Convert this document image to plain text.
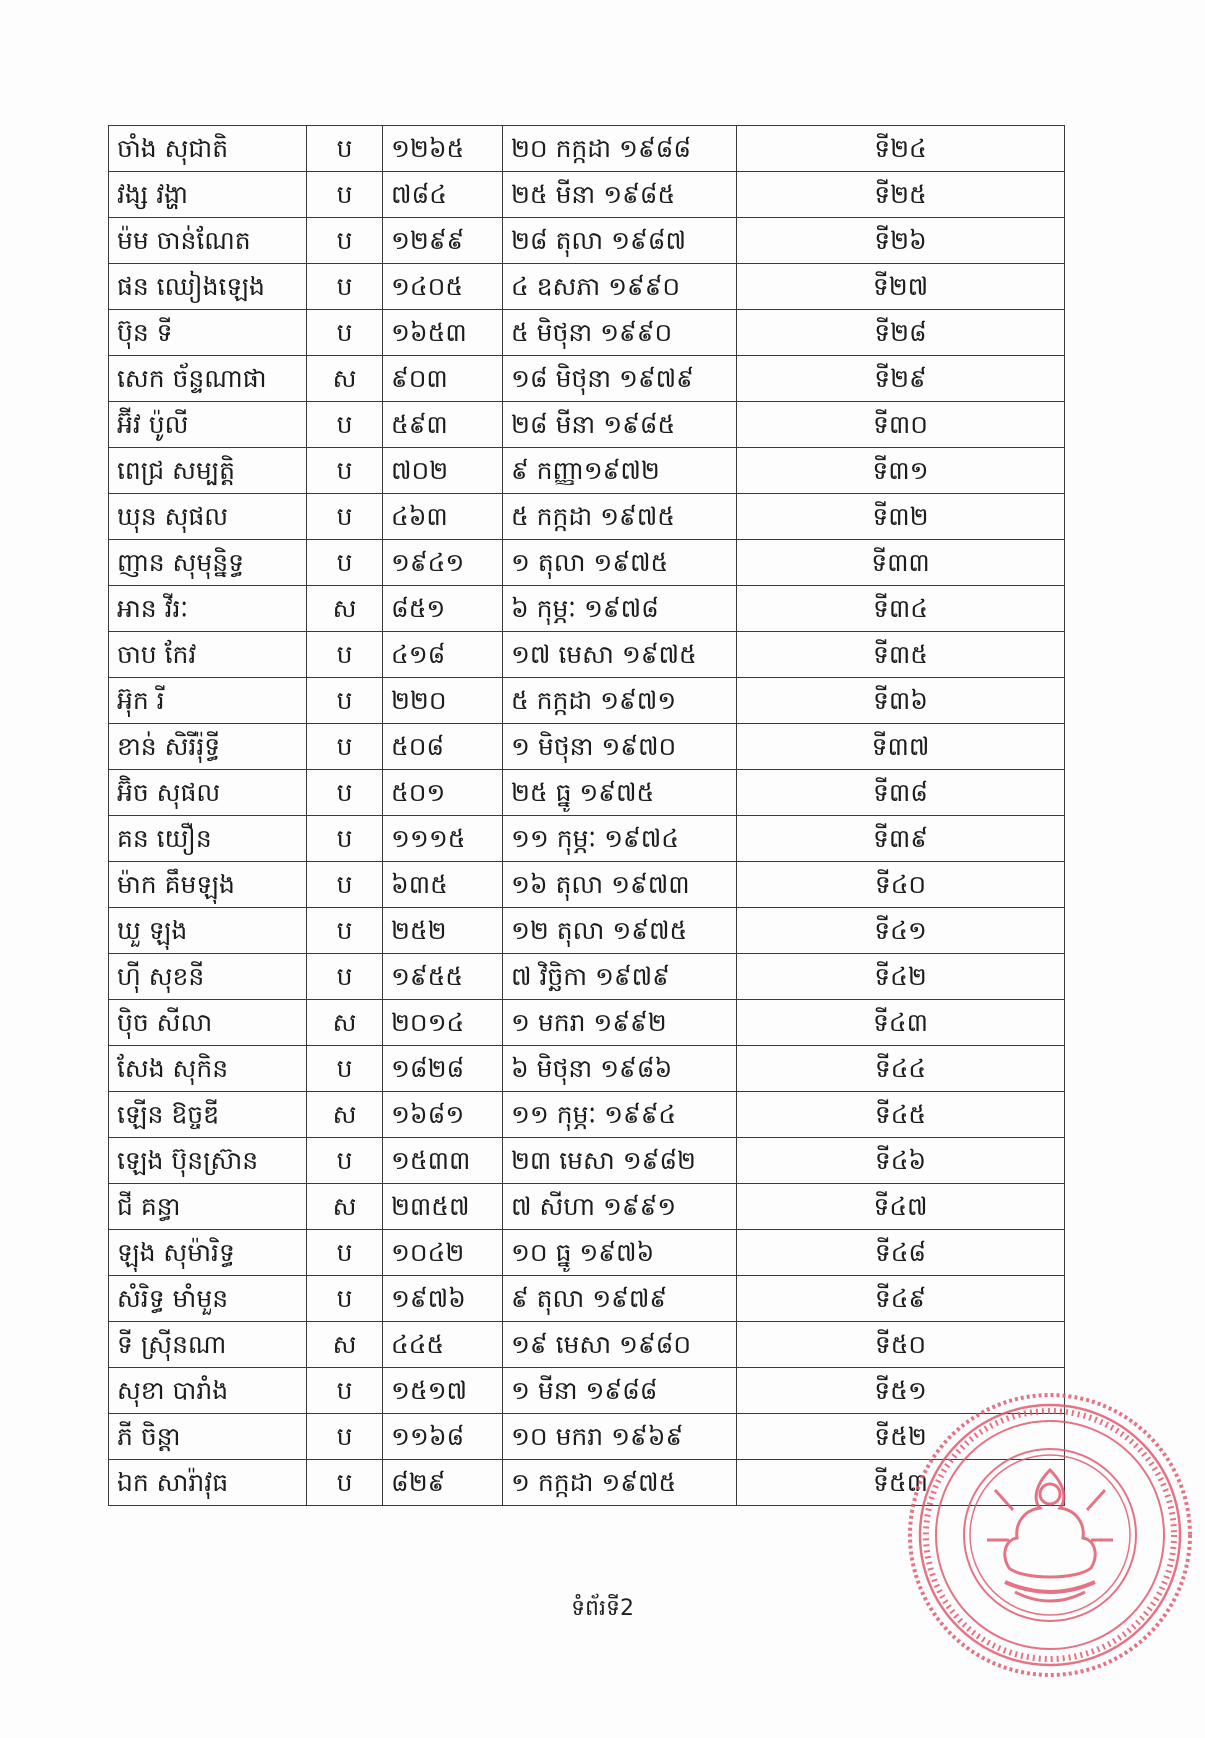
ចាំង សុជាតិ	ប	១២៦៥	២០ កក្កដា ១៩៨៨	ទី២៤
វង្ស វង្ហា	ប	៧៨៤	២៥ មីនា ១៩៨៥	ទី២៥
ម៉ម ចាន់ណែត	ប	១២៩៩	២៨ តុលា ១៩៨៧	ទី២៦
ផន ឈៀងឡេង	ប	១៤០៥	៤ ឧសភា ១៩៩០	ទី២៧
ប៊ុន ទី	ប	១៦៥៣	៥ មិថុនា ១៩៩០	ទី២៨
សេក ច័ន្ទណាផា	ស	៩០៣	១៨ មិថុនា ១៩៧៩	ទី២៩
អ៊ីវ ប៉ូលី	ប	៥៩៣	២៨ មីនា ១៩៨៥	ទី៣០
ពេជ្រ សម្បត្តិ	ប	៧០២	៩ កញ្ញា១៩៧២	ទី៣១
ឃុន សុផល	ប	៤៦៣	៥ កក្កដា ១៩៧៥	ទី៣២
ញាន សុមុន្និទ្ធ	ប	១៩៤១	១ តុលា ១៩៧៥	ទី៣៣
អាន វីរៈ	ស	៨៥១	៦ កុម្ភៈ ១៩៧៨	ទី៣៤
ចាប កែវ	ប	៤១៨	១៧ មេសា ១៩៧៥	ទី៣៥
អ៊ុក រី	ប	២២០	៥ កក្កដា ១៩៧១	ទី៣៦
ខាន់ សិរីរ៉ុទ្ធី	ប	៥០៨	១ មិថុនា ១៩៧០	ទី៣៧
អ៊ិច សុផល	ប	៥០១	២៥ ធ្នូ ១៩៧៥	ទី៣៨
គន យឿន	ប	១១១៥	១១ កុម្ភៈ ១៩៧៤	ទី៣៩
ម៉ាក គឹមឡុង	ប	៦៣៥	១៦ តុលា ១៩៧៣	ទី៤០
ឃួ ឡុង	ប	២៥២	១២ តុលា ១៩៧៥	ទី៤១
ហ៊ី សុខនី	ប	១៩៥៥	៧ វិច្ឆិកា ១៩៧៩	ទី៤២
ប៉ិច សីលា	ស	២០១៤	១ មករា ១៩៩២	ទី៤៣
សែង សុកិន	ប	១៨២៨	៦ មិថុនា ១៩៨៦	ទី៤៤
ឡើន ឱច្ចឌី	ស	១៦៨១	១១ កុម្ភៈ ១៩៩៤	ទី៤៥
ឡេង ប៊ុនស្រ៊ាន	ប	១៥៣៣	២៣ មេសា ១៩៨២	ទី៤៦
ជី គន្ធា	ស	២៣៥៧	៧ សីហា ១៩៩១	ទី៤៧
ឡុង សុម៉ារិទ្ធ	ប	១០៤២	១០ ធ្នូ ១៩៧៦	ទី៤៨
សំរិទ្ធ មាំមួន	ប	១៩៧៦	៩ តុលា ១៩៧៩	ទី៤៩
ទី ស្រ៊ីនណា	ស	៤៤៥	១៩ មេសា ១៩៨០	ទី៥០
សុខា បារាំង	ប	១៥១៧	១ មីនា ១៩៨៨	ទី៥១
ភី ចិន្តា	ប	១១៦៨	១០ មករា ១៩៦៩	ទី៥២
ឯក សារ៉ាវុធ	ប	៨២៩	១ កក្កដា ១៩៧៥	ទី៥៣
ទំព័រទី2
